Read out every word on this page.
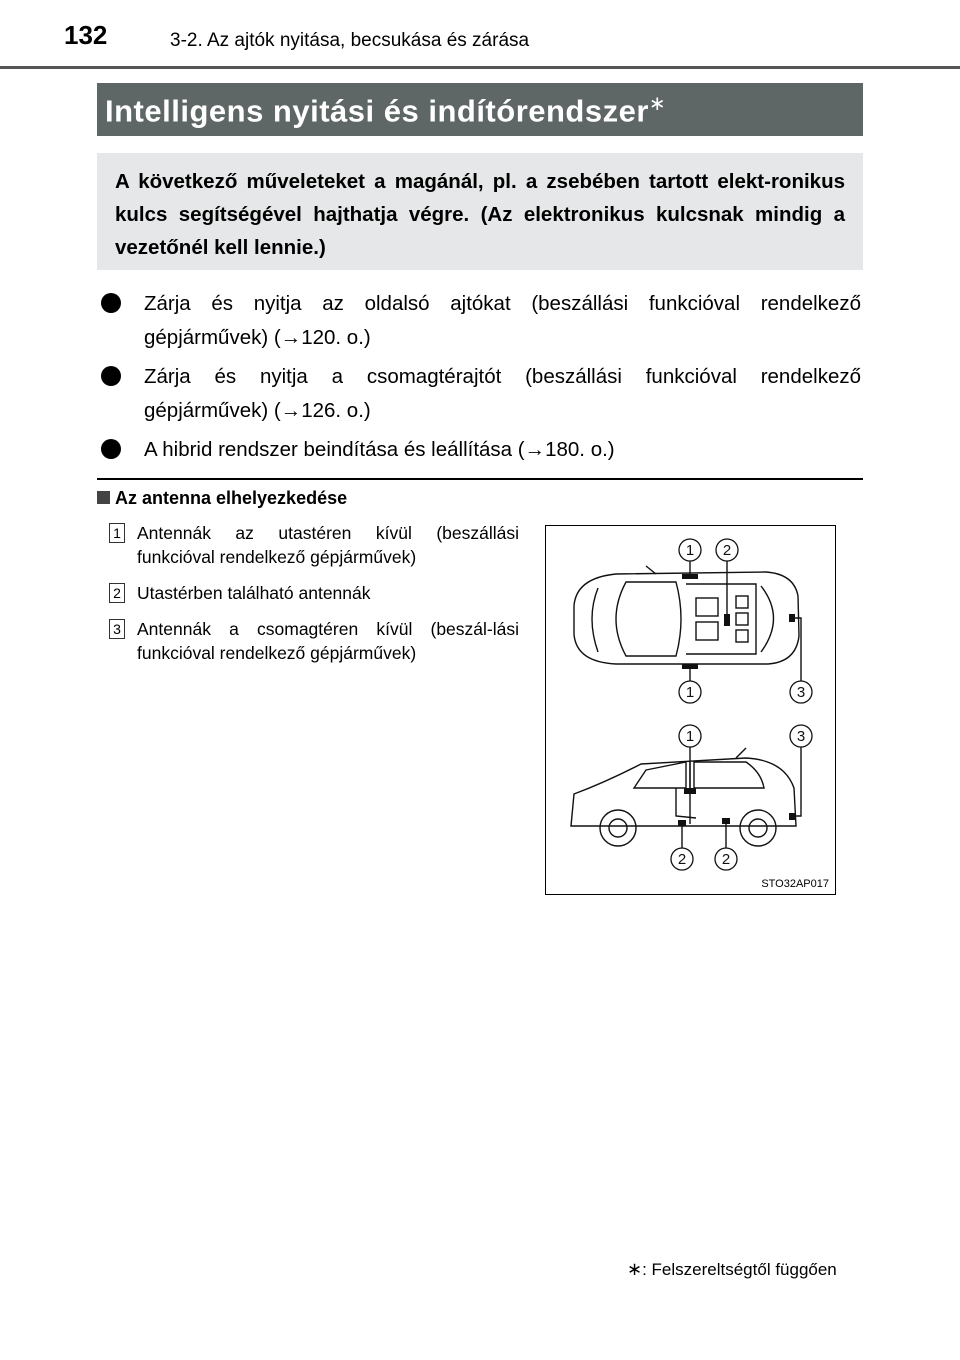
132	3-2. Az ajtók nyitása, becsukása és zárása
Intelligens nyitási és indítórendszer∗
A következő műveleteket a magánál, pl. a zsebében tartott elekt-ronikus kulcs segítségével hajthatja végre. (Az elektronikus kulcsnak mindig a vezetőnél kell lennie.)
Zárja és nyitja az oldalsó ajtókat (beszállási funkcióval rendelkező gépjárművek) (→120. o.)
Zárja és nyitja a csomagtérajtót (beszállási funkcióval rendelkező gépjárművek) (→126. o.)
A hibrid rendszer beindítása és leállítása (→180. o.)
Az antenna elhelyezkedése
1 Antennák az utastéren kívül (beszállási funkcióval rendelkező gépjárművek)
2 Utastérben található antennák
3 Antennák a csomagtéren kívül (beszál-lási funkcióval rendelkező gépjárművek)
1 2
1	3
1	3
2 2
STO32AP017
∗: Felszereltségtől függően
